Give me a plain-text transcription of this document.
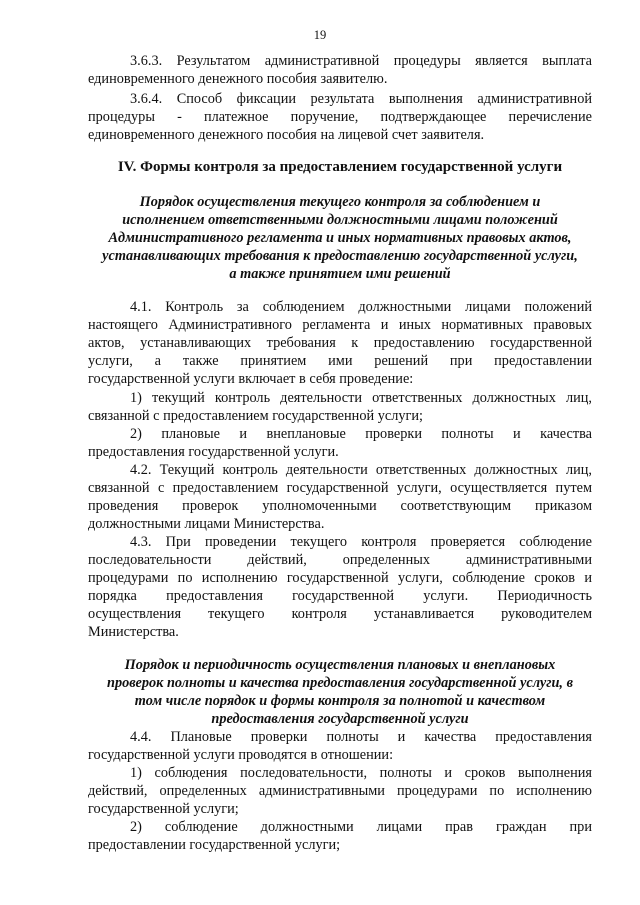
19

3.6.3. Результатом административной процедуры является выплата

единовременного денежного пособия заявителю.

3.6.4. Способ фиксации результата выполнения административной

процедуры - платежное поручение, подтверждающее перечисление

единовременного денежного пособия на лицевой счет заявителя.

IV. Формы контроля за предоставлением государственной услуги

Порядок осуществления текущего контроля за соблюдением и

исполнением ответственными должностными лицами положений

Административного регламента и иных нормативных правовых актов,

устанавливающих требования к предоставлению государственной услуги,

а также принятием ими решений

4.1. Контроль за соблюдением должностными лицами положений

настоящего Административного регламента и иных нормативных правовых

актов, устанавливающих требования к предоставлению государственной

услуги, а также принятием ими решений при предоставлении

государственной услуги включает в себя проведение:

1) текущий контроль деятельности ответственных должностных лиц,

связанной с предоставлением государственной услуги;

2) плановые и внеплановые проверки полноты и качества

предоставления государственной услуги.

4.2. Текущий контроль деятельности ответственных должностных лиц,

связанной с предоставлением государственной услуги, осуществляется путем

проведения проверок уполномоченными соответствующим приказом

должностными лицами Министерства.

4.3. При проведении текущего контроля проверяется соблюдение

последовательности действий, определенных административными

процедурами по исполнению государственной услуги, соблюдение сроков и

порядка предоставления государственной услуги. Периодичность

осуществления текущего контроля устанавливается руководителем

Министерства.

Порядок и периодичность осуществления плановых и внеплановых

проверок полноты и качества предоставления государственной услуги, в

том числе порядок и формы контроля за полнотой и качеством

предоставления государственной услуги

4.4. Плановые проверки полноты и качества предоставления

государственной услуги проводятся в отношении:

1) соблюдения последовательности, полноты и сроков выполнения

действий, определенных административными процедурами по исполнению

государственной услуги;

2) соблюдение должностными лицами прав граждан при

предоставлении государственной услуги;
